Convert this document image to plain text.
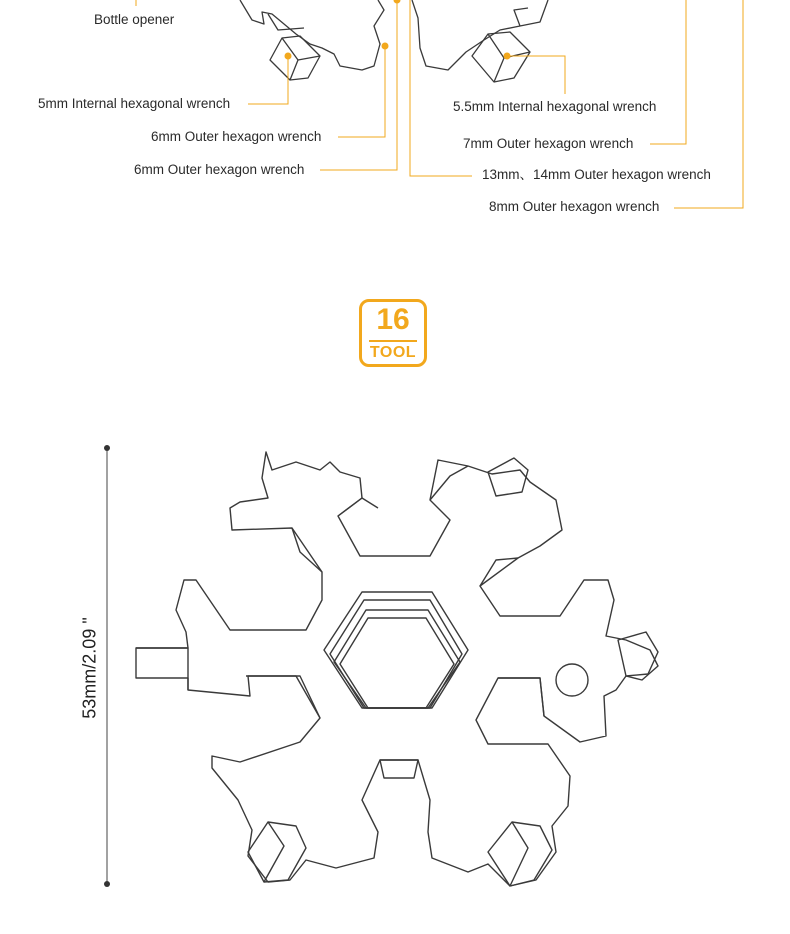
Bottle opener
5mm Internal hexagonal wrench
6mm Outer hexagon wrench
6mm Outer hexagon wrench
5.5mm Internal hexagonal wrench
7mm Outer hexagon wrench
13mm、14mm Outer hexagon wrench
8mm Outer hexagon wrench
16
TOOL
53mm/2.09 "
